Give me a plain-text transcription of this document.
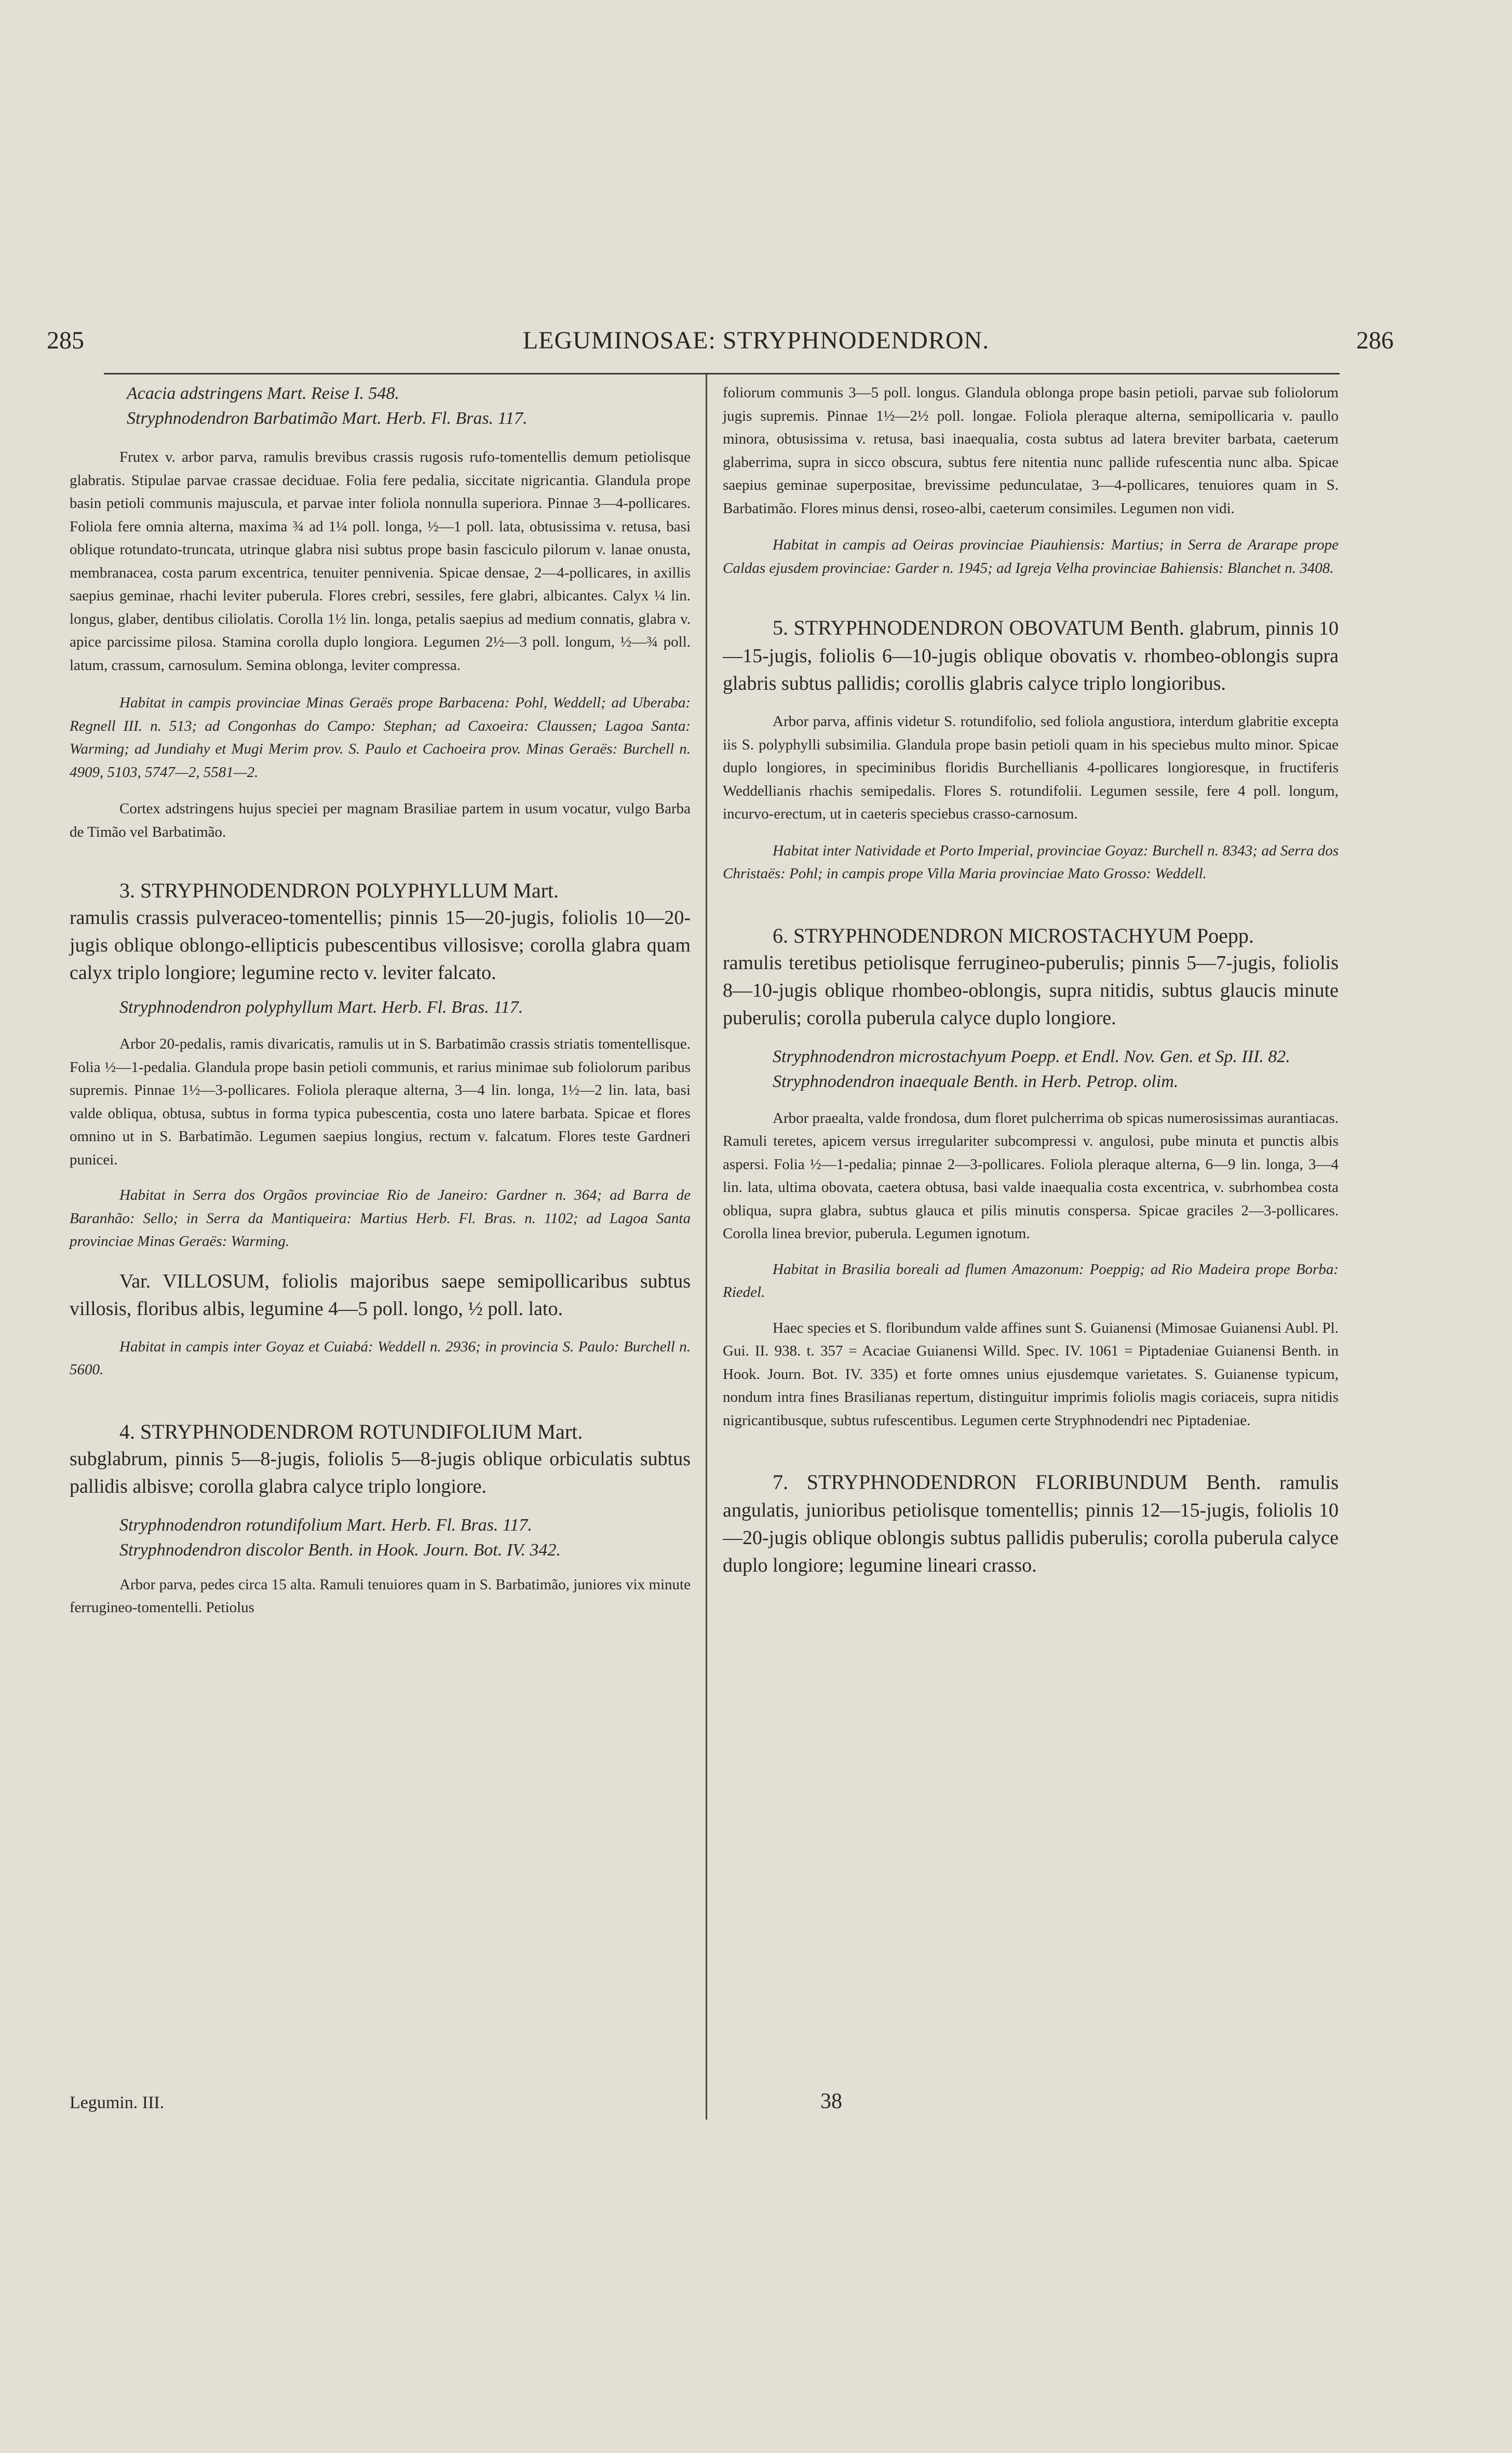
285	LEGUMINOSAE: STRYPHNODENDRON.	286

Acacia adstringens Mart. Reise I. 548.

Stryphnodendron Barbatimão Mart. Herb. Fl. Bras. 117.

Frutex v. arbor parva, ramulis brevibus crassis rugosis rufo-tomentellis demum petiolisque glabratis. Stipulae parvae crassae deciduae. Folia fere pedalia, siccitate nigricantia. Glandula prope basin petioli communis majuscula, et parvae inter foliola nonnulla superiora. Pinnae 3—4-pollicares. Foliola fere omnia alterna, maxima ¾ ad 1¼ poll. longa, ½—1 poll. lata, obtusissima v. retusa, basi oblique rotundato-truncata, utrinque glabra nisi subtus prope basin fasciculo pilorum v. lanae onusta, membranacea, costa parum excentrica, tenuiter pennivenia. Spicae densae, 2—4-pollicares, in axillis saepius geminae, rhachi leviter puberula. Flores crebri, sessiles, fere glabri, albicantes. Calyx ¼ lin. longus, glaber, dentibus ciliolatis. Corolla 1½ lin. longa, petalis saepius ad medium connatis, glabra v. apice parcissime pilosa. Stamina corolla duplo longiora. Legumen 2½—3 poll. longum, ½—¾ poll. latum, crassum, carnosulum. Semina oblonga, leviter compressa.

Habitat in campis provinciae Minas Geraës prope Barbacena: Pohl, Weddell; ad Uberaba: Regnell III. n. 513; ad Congonhas do Campo: Stephan; ad Caxoeira: Claussen; Lagoa Santa: Warming; ad Jundiahy et Mugi Merim prov. S. Paulo et Cachoeira prov. Minas Geraës: Burchell n. 4909, 5103, 5747—2, 5581—2.

Cortex adstringens hujus speciei per magnam Brasiliae partem in usum vocatur, vulgo Barba de Timão vel Barbatimão.

3. STRYPHNODENDRON POLYPHYLLUM Mart.

ramulis crassis pulveraceo-tomentellis; pinnis 15—20-jugis, foliolis 10—20-jugis oblique oblongo-ellipticis pubescentibus villosisve; corolla glabra quam calyx triplo longiore; legumine recto v. leviter falcato.

Stryphnodendron polyphyllum Mart. Herb. Fl. Bras. 117.

Arbor 20-pedalis, ramis divaricatis, ramulis ut in S. Barbatimão crassis striatis tomentellisque. Folia ½—1-pedalia. Glandula prope basin petioli communis, et rarius minimae sub foliolorum paribus supremis. Pinnae 1½—3-pollicares. Foliola pleraque alterna, 3—4 lin. longa, 1½—2 lin. lata, basi valde obliqua, obtusa, subtus in forma typica pubescentia, costa uno latere barbata. Spicae et flores omnino ut in S. Barbatimão. Legumen saepius longius, rectum v. falcatum. Flores teste Gardneri punicei.

Habitat in Serra dos Orgãos provinciae Rio de Janeiro: Gardner n. 364; ad Barra de Baranhão: Sello; in Serra da Mantiqueira: Martius Herb. Fl. Bras. n. 1102; ad Lagoa Santa provinciae Minas Geraës: Warming.

Var. VILLOSUM, foliolis majoribus saepe semipollicaribus subtus villosis, floribus albis, legumine 4—5 poll. longo, ½ poll. lato.

Habitat in campis inter Goyaz et Cuiabá: Weddell n. 2936; in provincia S. Paulo: Burchell n. 5600.

4. STRYPHNODENDROM ROTUNDIFOLIUM Mart.

subglabrum, pinnis 5—8-jugis, foliolis 5—8-jugis oblique orbiculatis subtus pallidis albisve; corolla glabra calyce triplo longiore.

Stryphnodendron rotundifolium Mart. Herb. Fl. Bras. 117.

Stryphnodendron discolor Benth. in Hook. Journ. Bot. IV. 342.

Arbor parva, pedes circa 15 alta. Ramuli tenuiores quam in S. Barbatimão, juniores vix minute ferrugineo-tomentelli. Petiolus

Legumin. III.

foliorum communis 3—5 poll. longus. Glandula oblonga prope basin petioli, parvae sub foliolorum jugis supremis. Pinnae 1½—2½ poll. longae. Foliola pleraque alterna, semipollicaria v. paullo minora, obtusissima v. retusa, basi inaequalia, costa subtus ad latera breviter barbata, caeterum glaberrima, supra in sicco obscura, subtus fere nitentia nunc pallide rufescentia nunc alba. Spicae saepius geminae superpositae, brevissime pedunculatae, 3—4-pollicares, tenuiores quam in S. Barbatimão. Flores minus densi, roseo-albi, caeterum consimiles. Legumen non vidi.

Habitat in campis ad Oeiras provinciae Piauhiensis: Martius; in Serra de Ararape prope Caldas ejusdem provinciae: Garder n. 1945; ad Igreja Velha provinciae Bahiensis: Blanchet n. 3408.

5. STRYPHNODENDRON OBOVATUM Benth. glabrum, pinnis 10—15-jugis, foliolis 6—10-jugis oblique obovatis v. rhombeo-oblongis supra glabris subtus pallidis; corollis glabris calyce triplo longioribus.

Arbor parva, affinis videtur S. rotundifolio, sed foliola angustiora, interdum glabritie excepta iis S. polyphylli subsimilia. Glandula prope basin petioli quam in his speciebus multo minor. Spicae duplo longiores, in speciminibus floridis Burchellianis 4-pollicares longioresque, in fructiferis Weddellianis rhachis semipedalis. Flores S. rotundifolii. Legumen sessile, fere 4 poll. longum, incurvo-erectum, ut in caeteris speciebus crasso-carnosum.

Habitat inter Natividade et Porto Imperial, provinciae Goyaz: Burchell n. 8343; ad Serra dos Christaës: Pohl; in campis prope Villa Maria provinciae Mato Grosso: Weddell.

6. STRYPHNODENDRON MICROSTACHYUM Poepp.

ramulis teretibus petiolisque ferrugineo-puberulis; pinnis 5—7-jugis, foliolis 8—10-jugis oblique rhombeo-oblongis, supra nitidis, subtus glaucis minute puberulis; corolla puberula calyce duplo longiore.

Stryphnodendron microstachyum Poepp. et Endl. Nov. Gen. et Sp. III. 82.

Stryphnodendron inaequale Benth. in Herb. Petrop. olim.

Arbor praealta, valde frondosa, dum floret pulcherrima ob spicas numerosissimas aurantiacas. Ramuli teretes, apicem versus irregulariter subcompressi v. angulosi, pube minuta et punctis albis aspersi. Folia ½—1-pedalia; pinnae 2—3-pollicares. Foliola pleraque alterna, 6—9 lin. longa, 3—4 lin. lata, ultima obovata, caetera obtusa, basi valde inaequalia costa excentrica, v. subrhombea costa obliqua, supra glabra, subtus glauca et pilis minutis conspersa. Spicae graciles 2—3-pollicares. Corolla linea brevior, puberula. Legumen ignotum.

Habitat in Brasilia boreali ad flumen Amazonum: Poeppig; ad Rio Madeira prope Borba: Riedel.

Haec species et S. floribundum valde affines sunt S. Guianensi (Mimosae Guianensi Aubl. Pl. Gui. II. 938. t. 357 = Acaciae Guianensi Willd. Spec. IV. 1061 = Piptadeniae Guianensi Benth. in Hook. Journ. Bot. IV. 335) et forte omnes unius ejusdemque varietates. S. Guianense typicum, nondum intra fines Brasilianas repertum, distinguitur imprimis foliolis magis coriaceis, supra nitidis nigricantibusque, subtus rufescentibus. Legumen certe Stryphnodendri nec Piptadeniae.

7. STRYPHNODENDRON FLORIBUNDUM Benth. ramulis angulatis, junioribus petiolisque tomentellis; pinnis 12—15-jugis, foliolis 10—20-jugis oblique oblongis subtus pallidis puberulis; corolla puberula calyce duplo longiore; legumine lineari crasso.

38
